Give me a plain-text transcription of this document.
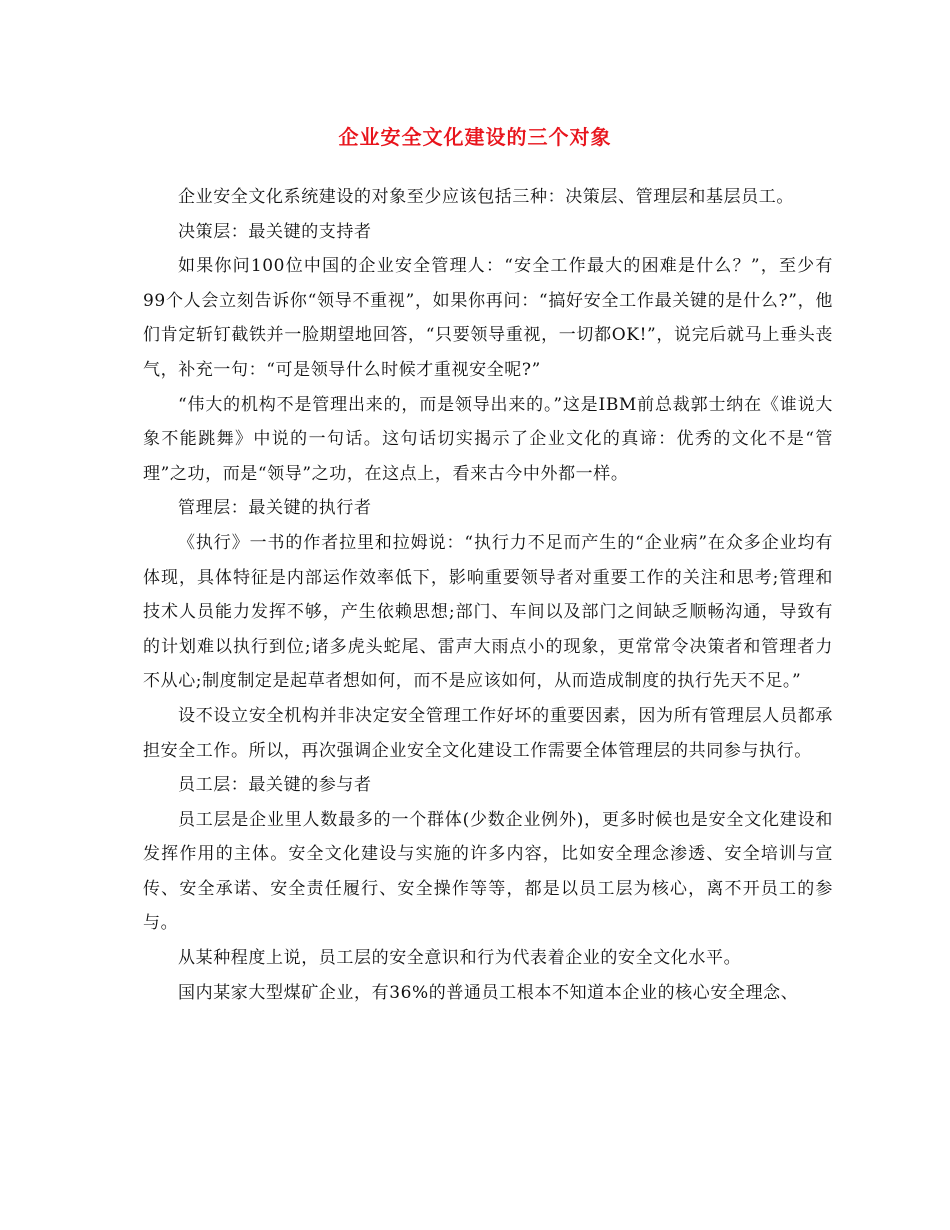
企业安全文化建设的三个对象

企业安全文化系统建设的对象至少应该包括三种：决策层、管理层和基层员工。

决策层：最关键的支持者

如果你问100位中国的企业安全管理人：“安全工作最大的困难是什么？”，至少有99个人会立刻告诉你“领导不重视”，如果你再问：“搞好安全工作最关键的是什么?”，他们肯定斩钉截铁并一脸期望地回答，“只要领导重视，一切都OK!”，说完后就马上垂头丧气，补充一句：“可是领导什么时候才重视安全呢?”

“伟大的机构不是管理出来的，而是领导出来的。”这是IBM前总裁郭士纳在《谁说大象不能跳舞》中说的一句话。这句话切实揭示了企业文化的真谛：优秀的文化不是“管理”之功，而是“领导”之功，在这点上，看来古今中外都一样。

管理层：最关键的执行者

《执行》一书的作者拉里和拉姆说：“执行力不足而产生的“企业病”在众多企业均有体现，具体特征是内部运作效率低下，影响重要领导者对重要工作的关注和思考;管理和技术人员能力发挥不够，产生依赖思想;部门、车间以及部门之间缺乏顺畅沟通，导致有的计划难以执行到位;诸多虎头蛇尾、雷声大雨点小的现象，更常常令决策者和管理者力不从心;制度制定是起草者想如何，而不是应该如何，从而造成制度的执行先天不足。”

设不设立安全机构并非决定安全管理工作好坏的重要因素，因为所有管理层人员都承担安全工作。所以，再次强调企业安全文化建设工作需要全体管理层的共同参与执行。

员工层：最关键的参与者

员工层是企业里人数最多的一个群体(少数企业例外)，更多时候也是安全文化建设和发挥作用的主体。安全文化建设与实施的许多内容，比如安全理念渗透、安全培训与宣传、安全承诺、安全责任履行、安全操作等等，都是以员工层为核心，离不开员工的参与。

从某种程度上说，员工层的安全意识和行为代表着企业的安全文化水平。

国内某家大型煤矿企业，有36%的普通员工根本不知道本企业的核心安全理念、
